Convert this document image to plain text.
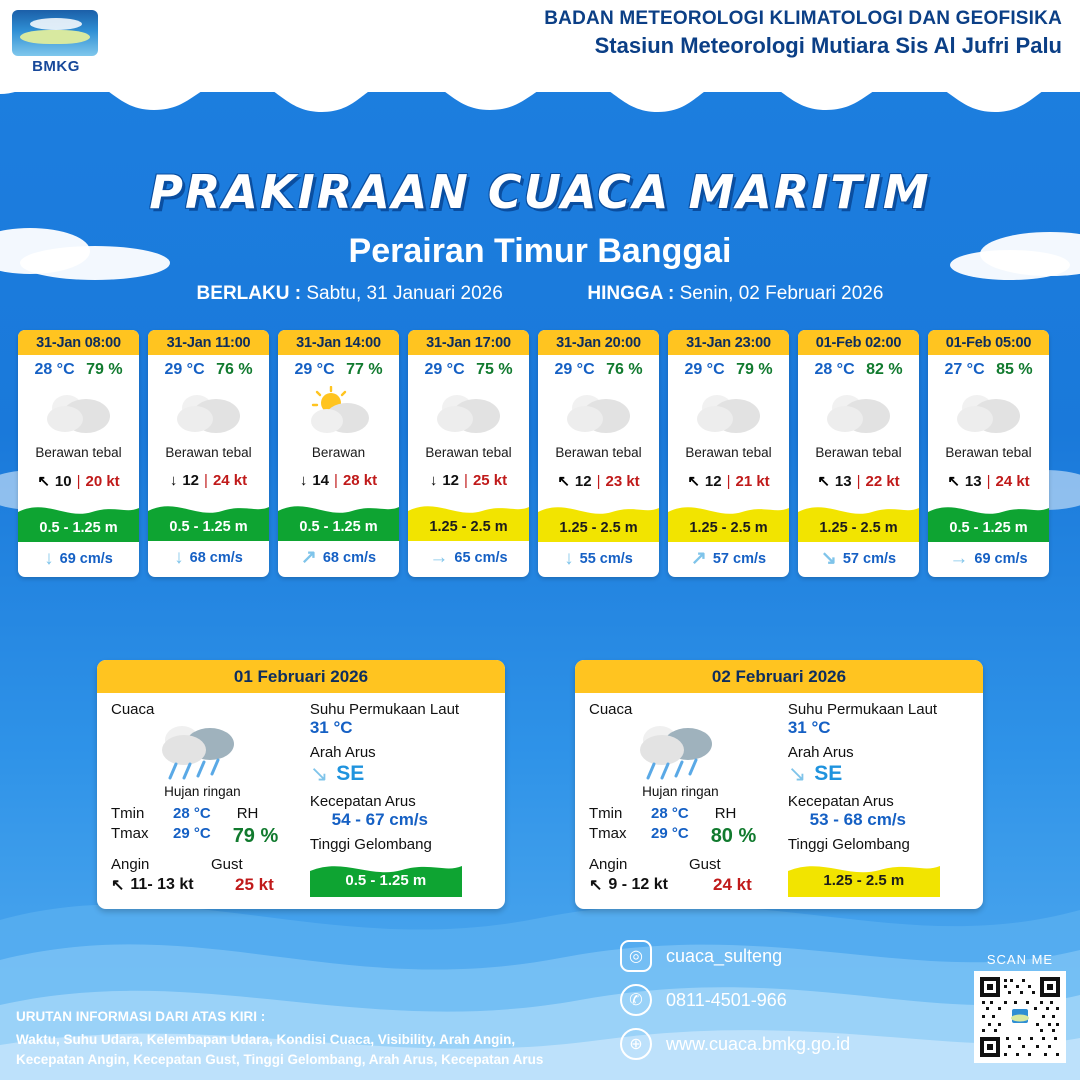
BMKG
BADAN METEOROLOGI KLIMATOLOGI DAN GEOFISIKA
Stasiun Meteorologi Mutiara Sis Al Jufri Palu
PRAKIRAAN CUACA MARITIM
Perairan Timur Banggai
BERLAKU : Sabtu, 31 Januari 2026	HINGGA : Senin, 02 Februari 2026
31-Jan 08:00
28 °C 79 %
Berawan tebal
↖ 10 | 20 kt
0.5 - 1.25 m
↓ 69 cm/s
31-Jan 11:00
29 °C 76 %
Berawan tebal
↓ 12 | 24 kt
0.5 - 1.25 m
↓ 68 cm/s
31-Jan 14:00
29 °C 77 %
Berawan
↓ 14 | 28 kt
0.5 - 1.25 m
↗ 68 cm/s
31-Jan 17:00
29 °C 75 %
Berawan tebal
↓ 12 | 25 kt
1.25 - 2.5 m
→ 65 cm/s
31-Jan 20:00
29 °C 76 %
Berawan tebal
↖ 12 | 23 kt
1.25 - 2.5 m
↓ 55 cm/s
31-Jan 23:00
29 °C 79 %
Berawan tebal
↖ 12 | 21 kt
1.25 - 2.5 m
↗ 57 cm/s
01-Feb 02:00
28 °C 82 %
Berawan tebal
↖ 13 | 22 kt
1.25 - 2.5 m
↘ 57 cm/s
01-Feb 05:00
27 °C 85 %
Berawan tebal
↖ 13 | 24 kt
0.5 - 1.25 m
→ 69 cm/s
01 Februari 2026
Cuaca
Hujan ringan
Tmin	28 °C RH
Tmax	29 °C 79 %
Angin	Gust
↖ 11- 13 kt 25 kt
Suhu Permukaan Laut
31 °C
Arah Arus
↘ SE
Kecepatan Arus
54 - 67 cm/s
Tinggi Gelombang
0.5 - 1.25 m
02 Februari 2026
Cuaca
Hujan ringan
Tmin	28 °C RH
Tmax	29 °C 80 %
Angin	Gust
↖ 9 - 12 kt	24 kt
Suhu Permukaan Laut
31 °C
Arah Arus
↘ SE
Kecepatan Arus
53 - 68 cm/s
Tinggi Gelombang
1.25 - 2.5 m
◎	cuaca_sulteng
✆	0811-4501-966
⊕	www.cuaca.bmkg.go.id
SCAN ME
URUTAN INFORMASI DARI ATAS KIRI :
Waktu, Suhu Udara, Kelembapan Udara, Kondisi Cuaca, Visibility, Arah Angin,
Kecepatan Angin, Kecepatan Gust, Tinggi Gelombang, Arah Arus, Kecepatan Arus
